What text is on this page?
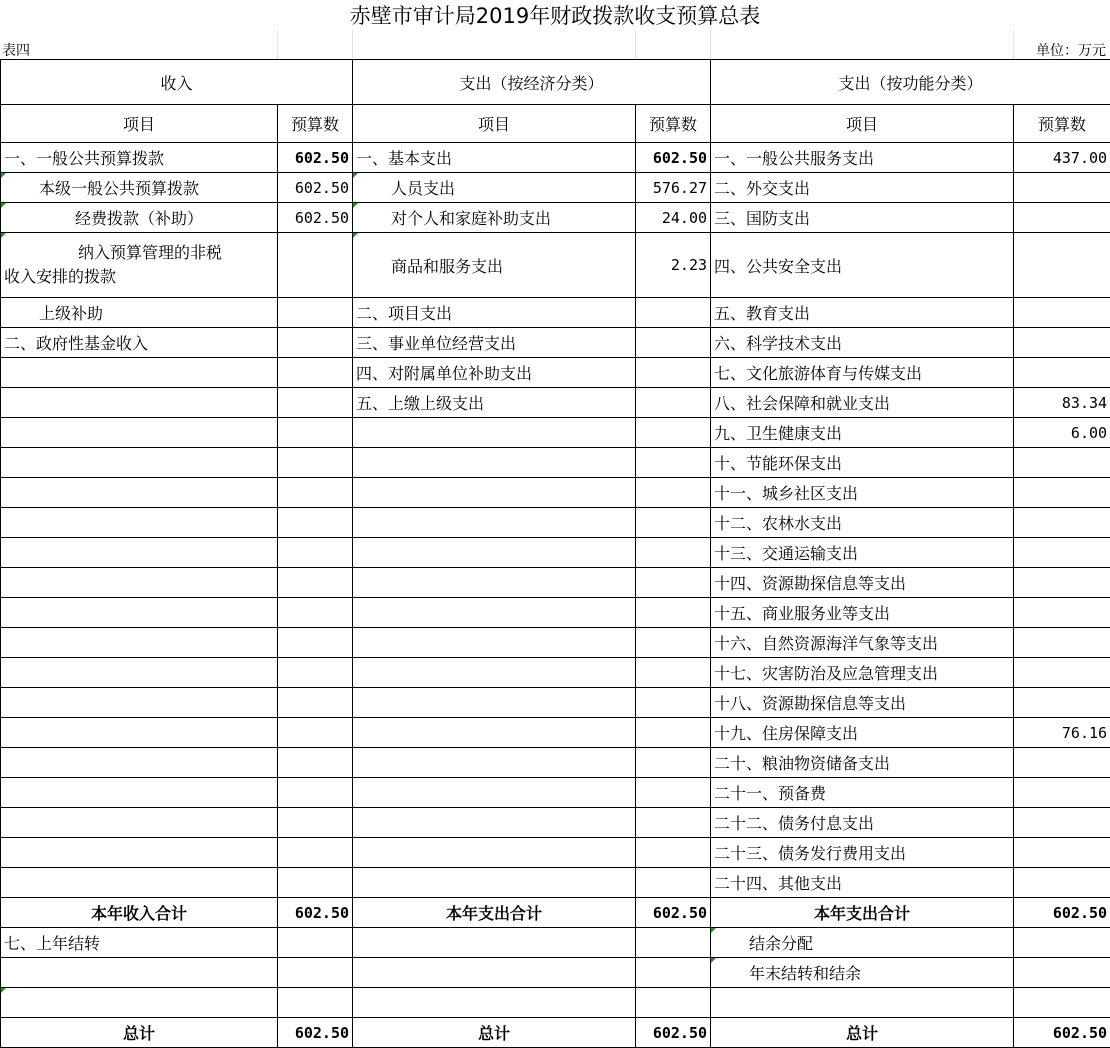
赤壁市审计局2019年财政拨款收支预算总表
表四	单位：万元
收入		支出（按经济分类）		支出（按功能分类）	
项目	预算数	项目	预算数	项目	预算数
一、一般公共预算拨款	602.50	一、基本支出	602.50	一、一般公共服务支出	437.00
本级一般公共预算拨款	602.50	人员支出	576.27	二、外交支出	
经费拨款（补助）	602.50	对个人和家庭补助支出	24.00	三、国防支出	
纳入预算管理的非税
收入安排的拨款		商品和服务支出	2.23	四、公共安全支出	
上级补助		二、项目支出		五、教育支出	
二、政府性基金收入		三、事业单位经营支出		六、科学技术支出	
		四、对附属单位补助支出		七、文化旅游体育与传媒支出	
		五、上缴上级支出		八、社会保障和就业支出	83.34
				九、卫生健康支出	6.00
				十、节能环保支出	
				十一、城乡社区支出	
				十二、农林水支出	
				十三、交通运输支出	
				十四、资源勘探信息等支出	
				十五、商业服务业等支出	
				十六、自然资源海洋气象等支出	
				十七、灾害防治及应急管理支出	
				十八、资源勘探信息等支出	
				十九、住房保障支出	76.16
				二十、粮油物资储备支出	
				二十一、预备费	
				二十二、债务付息支出	
				二十三、债务发行费用支出	
				二十四、其他支出	
本年收入合计	602.50	本年支出合计	602.50	本年支出合计	602.50
七、上年结转				结余分配	
				年末结转和结余	

总计	602.50	总计	602.50	总计	602.50
